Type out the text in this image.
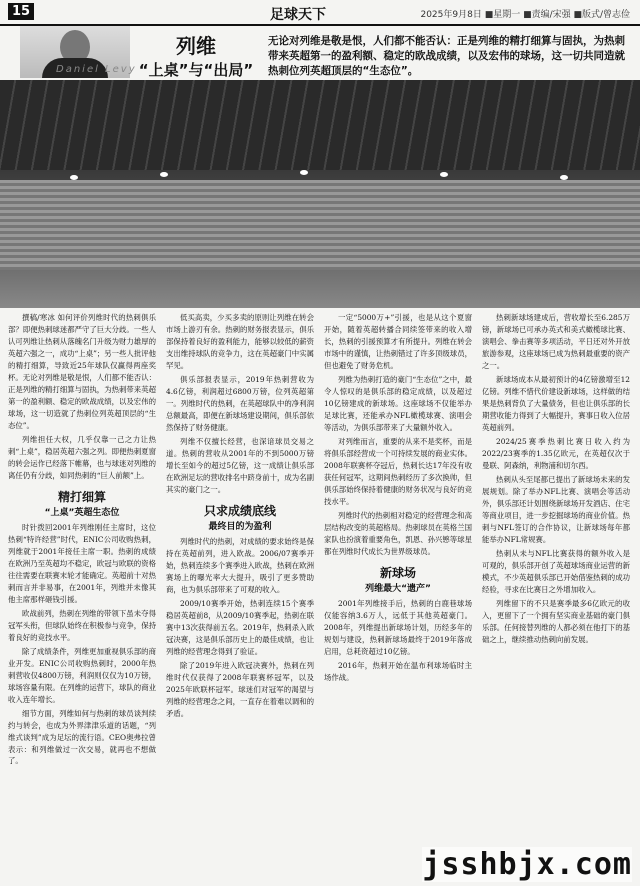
15	足球天下	2025年9月8日 ■星期一 ■责编/宋强 ■版式/曾志俭
Daniel Levy
列维
“上桌”与“出局”
无论对列维是敬是恨，人们都不能否认：正是列维的精打细算与固执，为热刺带来英超第一的盈利额、稳定的欧战成绩，以及宏伟的球场，这一切共同造就热刺位列英超顶层的“生态位”。

撰稿/寒冰 如何评价列维时代的热刺俱乐部？即便热刺球迷都严守了巨大分歧。一些人认可列维让热刺从落魄名门升级为财力雄厚的英超六强之一，成功“上桌”；另一些人批评他的精打细算，导致近25年球队仅赢得两座奖杯。无论对列维是敬是恨，人们都不能否认：正是列维的精打细算与固执，为热刺带来英超第一的盈利额、稳定的欧战成绩，以及宏伟的球场，这一切造就了热刺位列英超顶层的“生态位”。

列维担任大权，几乎仅靠一己之力让热刺“上桌”，稳居英超六强之列。即便热刺夏窗的转会运作已经落下帷幕，也与球迷对列维的离任仍有分歧，如同热刺的“巨人前额”上。

精打细算
“上桌”英超生态位

时针拨回2001年列维刚任主席时，这位热刺“特许经营”时代，ENIC公司收购热刺，列维就于2001年接任主席一职。热刺的成绩在欧洲乃至英超均不稳定，欧冠与欧联的资格往往需要在联赛末轮才能确定。英超前十对热刺而言并非易事，在2001年，列维并未像其他主席那样砸钱引援。

欧战前列，热刺在列维的带领下虽未夺得冠军头衔，但球队始终在积极参与竞争，保持着良好的竞技水平。

除了成绩条件，列维更加重视俱乐部的商业开发。ENIC公司收购热刺时，2000年热刺营收仅4800万镑，利润则仅仅为10万镑，球场容量有限。在列维的运营下，球队的商业收入连年增长。

细节方面，列维如何与热刺的球员谈判续约与转会，也成为外界津津乐道的话题，“列维式谈判”成为足坛的流行语。CEO奥弗拉曾表示：和列维做过一次交易，就再也不想做了。

低买高卖，少买多卖的原则让列维在转会市场上游刃有余。热刺的财务报表显示，俱乐部保持着良好的盈利能力，能够以较低的薪资支出维持球队的竞争力，这在英超豪门中实属罕见。

俱乐部报表显示，2019年热刺营收为4.6亿镑，利润超过6800万镑，位列英超第一。列维时代的热刺，在英超球队中的净利润总额最高，即便在新球场建设期间，俱乐部依然保持了财务健康。

列维不仅擅长经营，也深谙球员交易之道。热刺的营收从2001年的不到5000万镑增长至如今的超过5亿镑，这一成绩让俱乐部在欧洲足坛的营收排名中跻身前十，成为名副其实的豪门之一。

只求成绩底线
最终目的为盈利

列维时代的热刺，对成绩的要求始终是保持在英超前列，进入欧战。2006/07赛季开始，热刺连续多个赛季进入欧战，热刺在欧洲赛场上的曝光率大大提升，吸引了更多赞助商，也为俱乐部带来了可观的收入。

2009/10赛季开始，热刺连续15个赛季稳居英超前8，从2009/10赛季起，热刺在联赛中13次获得前五名。2019年，热刺杀入欧冠决赛，这是俱乐部历史上的最佳成绩，也让列维的经营理念得到了验证。

除了2019年进入欧冠决赛外，热刺在列维时代仅获得了2008年联赛杯冠军，以及2025年欧联杯冠军。球迷们对冠军的渴望与列维的经营理念之间，一直存在着难以调和的矛盾。

一定“5000万+”引援，也是从这个夏窗开始，随着英超转播合同续签带来的收入增长，热刺的引援预算才有所提升。列维在转会市场中的谨慎，让热刺错过了许多顶级球员，但也避免了财务危机。

列维为热刺打造的豪门“生态位”之中，最令人惊叹的是俱乐部的稳定成绩，以及超过10亿镑建成的新球场。这座球场不仅能举办足球比赛，还能承办NFL橄榄球赛、演唱会等活动，为俱乐部带来了大量额外收入。

对列维而言，重要的从来不是奖杯，而是将俱乐部经营成一个可持续发展的商业实体。2008年联赛杯夺冠后，热刺长达17年没有收获任何冠军，这期间热刺经历了多次换帅，但俱乐部始终保持着健康的财务状况与良好的竞技水平。

列维时代的热刺相对稳定的经营理念和高层结构改变的英超格局。热刺球员在英格兰国家队也扮演着重要角色，凯恩、孙兴慜等球星都在列维时代成长为世界级球员。

新球场
列维最大“遗产”

2001年列维接手后，热刺的白鹿巷球场仅能容纳3.6万人，远低于其他英超豪门。2008年，列维提出新球场计划，历经多年的规划与建设，热刺新球场最终于2019年落成启用，总耗资超过10亿镑。

2016年，热刺开始在温布利球场临时主场作战。

热刺新球场建成后，营收增长至6.285万镑，新球场已可承办英式和美式橄榄球比赛、演唱会、拳击赛等多项活动，平日还对外开放旅游参观，这座球场已成为热刺最重要的资产之一。

新球场成本从最初预计的4亿镑激增至12亿镑。列维不惜代价建设新球场，这样做的结果是热刺背负了大量债务，但也让俱乐部的长期营收能力得到了大幅提升，赛事日收入位居英超前列。

2024/25赛季热刺比赛日收入约为2022/23赛季的1.35亿欧元，在英超仅次于曼联、阿森纳，利物浦和切尔西。

热刺从头至尾都已提出了新球场未来的发展规划。除了举办NFL比赛、演唱会等活动外，俱乐部还计划围绕新球场开发酒店、住宅等商业项目，进一步挖掘球场的商业价值。热刺与NFL签订的合作协议，让新球场每年都能举办NFL常规赛。

热刺从未与NFL比赛获得的额外收入是可观的，俱乐部开创了英超球场商业运营的新模式，不少英超俱乐部已开始借鉴热刺的成功经验，寻求在比赛日之外增加收入。

列维留下的不只是赛季最多6亿欧元的收入，更留下了一个拥有坚实商业基础的豪门俱乐部。任何接替列维的人都必须在他打下的基础之上，继续推动热刺向前发展。

jsshbjx.com
